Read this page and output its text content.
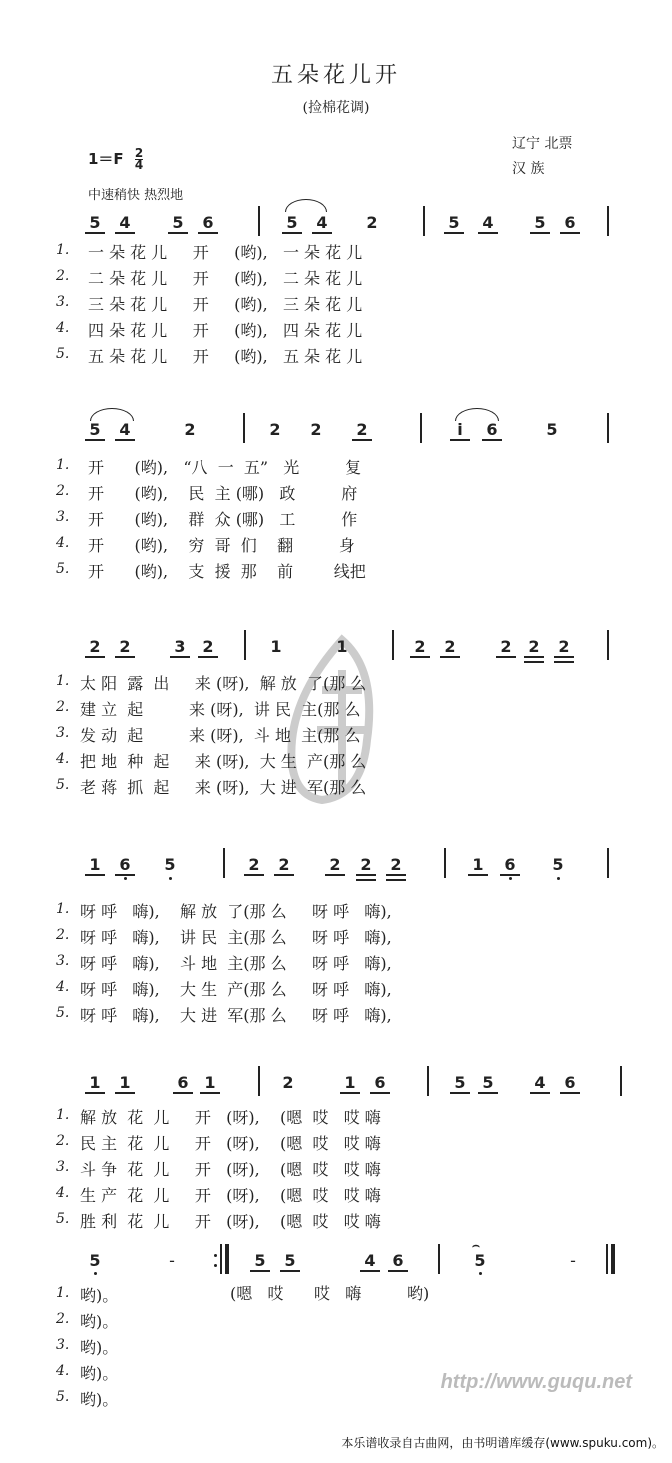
五朵花儿开
(捡棉花调)
辽宁 北票
汉 族
$1=F \frac{2}{4}$
中速稍快 热烈地
5 4	5 6	5 4 2	5 4	5 6
1. 一 朵 花 儿     开     (哟),   一 朵 花 儿
2. 二 朵 花 儿     开     (哟),   二 朵 花 儿
3. 三 朵 花 儿     开     (哟),   三 朵 花 儿
4. 四 朵 花 儿     开     (哟),   四 朵 花 儿
5. 五 朵 花 儿     开     (哟),   五 朵 花 儿
5 4	2	2 2 2	i	6	5
1. 开      (哟),   “八  一  五”   光         复
2. 开      (哟),    民  主 (哪)   政         府
3. 开      (哟),    群  众 (哪)   工         作
4. 开      (哟),    穷  哥  们    翻         身
5. 开      (哟),    支  援  那    前        线把
2 2	3 2	1	1	2 2	2 2 2
1. 太 阳  露  出     来 (呀),  解 放  了(那 么
2. 建 立  起         来 (呀),  讲 民  主(那 么
3. 发 动  起         来 (呀),  斗 地  主(那 么
4. 把 地  种  起     来 (呀),  大 生  产(那 么
5. 老 蒋  抓  起     来 (呀),  大 进  军(那 么
1 6 5	2 2 2 2 2	1 6 5
1. 呀 呼   嗨),    解 放  了(那 么     呀 呼   嗨),
2. 呀 呼   嗨),    讲 民  主(那 么     呀 呼   嗨),
3. 呀 呼   嗨),    斗 地  主(那 么     呀 呼   嗨),
4. 呀 呼   嗨),    大 生  产(那 么     呀 呼   嗨),
5. 呀 呼   嗨),    大 进  军(那 么     呀 呼   嗨),
1 1	6 1	2	1 6	5 5	4 6
1. 解 放  花  儿     开   (呀),    (嗯  哎   哎 嗨
2. 民 主  花  儿     开   (呀),    (嗯  哎   哎 嗨
3. 斗 争  花  儿     开   (呀),    (嗯  哎   哎 嗨
4. 生 产  花  儿     开   (呀),    (嗯  哎   哎 嗨
5. 胜 利  花  儿     开   (呀),    (嗯  哎   哎 嗨
5	-	5 5	4 6
⌢
5	-
(嗯   哎      哎   嗨         哟)
1. 哟)。
2. 哟)。
3. 哟)。
4. 哟)。
5. 哟)。
http://www.guqu.net
本乐谱收录自古曲网，由书明谱库缓存(www.spuku.com)。
